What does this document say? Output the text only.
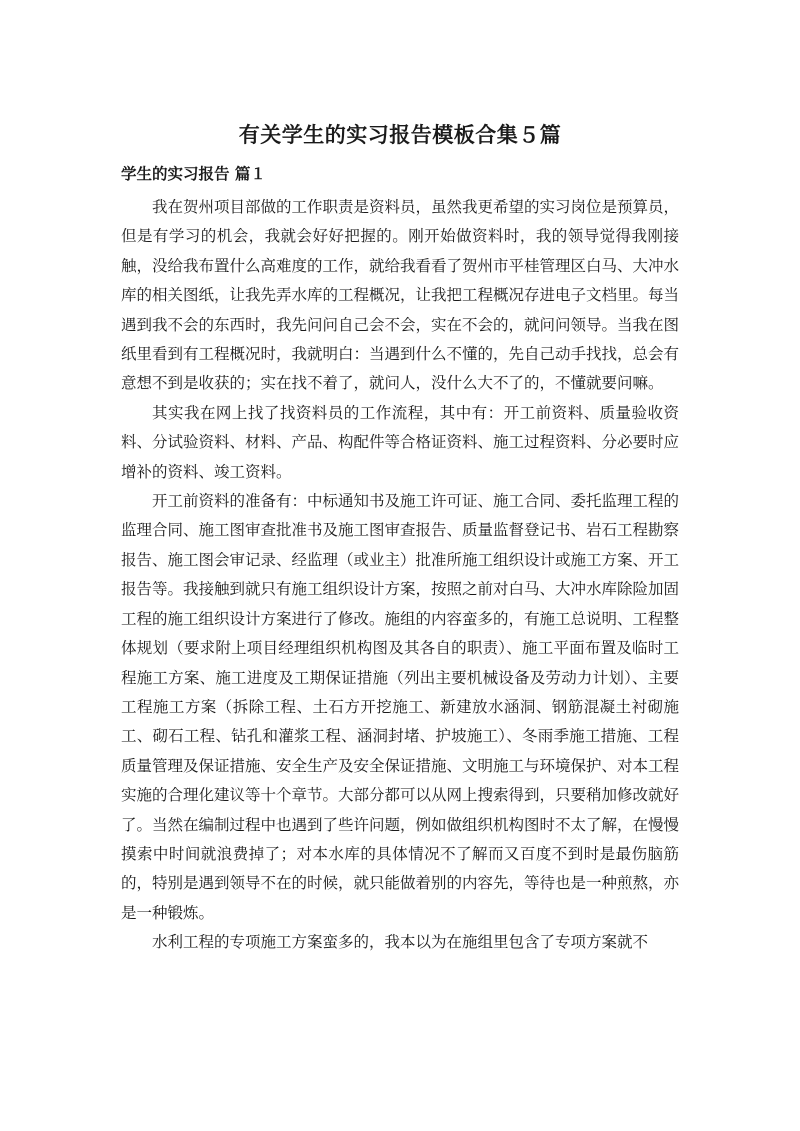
有关学生的实习报告模板合集５篇
学生的实习报告 篇１

我在贺州项目部做的工作职责是资料员，虽然我更希望的实习岗位是预算员，但是有学习的机会，我就会好好把握的。刚开始做资料时，我的领导觉得我刚接触，没给我布置什么高难度的工作，就给我看看了贺州市平桂管理区白马、大冲水库的相关图纸，让我先弄水库的工程概况，让我把工程概况存进电子文档里。每当遇到我不会的东西时，我先问问自己会不会，实在不会的，就问问领导。当我在图纸里看到有工程概况时，我就明白：当遇到什么不懂的，先自己动手找找，总会有意想不到是收获的；实在找不着了，就问人，没什么大不了的，不懂就要问嘛。

其实我在网上找了找资料员的工作流程，其中有：开工前资料、质量验收资料、分试验资料、材料、产品、构配件等合格证资料、施工过程资料、分必要时应增补的资料、竣工资料。

开工前资料的准备有：中标通知书及施工许可证、施工合同、委托监理工程的监理合同、施工图审查批准书及施工图审查报告、质量监督登记书、岩石工程勘察报告、施工图会审记录、经监理（或业主）批准所施工组织设计或施工方案、开工报告等。我接触到就只有施工组织设计方案，按照之前对白马、大冲水库除险加固工程的施工组织设计方案进行了修改。施组的内容蛮多的，有施工总说明、工程整体规划（要求附上项目经理组织机构图及其各自的职责）、施工平面布置及临时工程施工方案、施工进度及工期保证措施（列出主要机械设备及劳动力计划）、主要工程施工方案（拆除工程、土石方开挖施工、新建放水涵洞、钢筋混凝土衬砌施工、砌石工程、钻孔和灌浆工程、涵洞封堵、护坡施工）、冬雨季施工措施、工程质量管理及保证措施、安全生产及安全保证措施、文明施工与环境保护、对本工程实施的合理化建议等十个章节。大部分都可以从网上搜索得到，只要稍加修改就好了。当然在编制过程中也遇到了些许问题，例如做组织机构图时不太了解，在慢慢摸索中时间就浪费掉了；对本水库的具体情况不了解而又百度不到时是最伤脑筋的，特别是遇到领导不在的时候，就只能做着别的内容先，等待也是一种煎熬，亦是一种锻炼。

水利工程的专项施工方案蛮多的，我本以为在施组里包含了专项方案就不
